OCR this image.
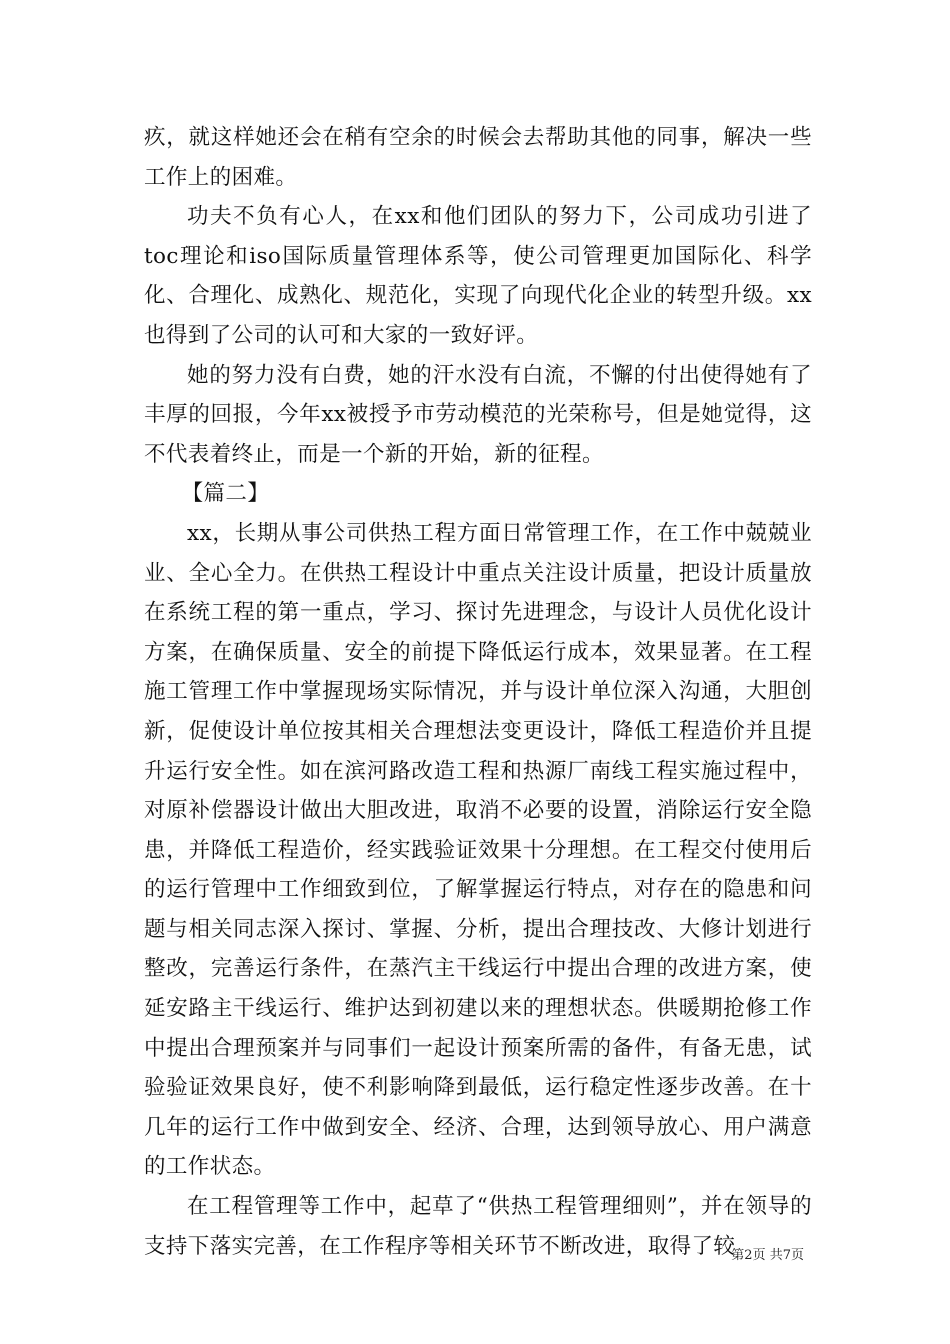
疚，就这样她还会在稍有空余的时候会去帮助其他的同事，解决一些工作上的困难。

功夫不负有心人，在xx和他们团队的努力下，公司成功引进了toc理论和iso国际质量管理体系等，使公司管理更加国际化、科学化、合理化、成熟化、规范化，实现了向现代化企业的转型升级。xx也得到了公司的认可和大家的一致好评。

她的努力没有白费，她的汗水没有白流，不懈的付出使得她有了丰厚的回报，今年xx被授予市劳动模范的光荣称号，但是她觉得，这不代表着终止，而是一个新的开始，新的征程。

【篇二】

xx，长期从事公司供热工程方面日常管理工作，在工作中兢兢业业、全心全力。在供热工程设计中重点关注设计质量，把设计质量放在系统工程的第一重点，学习、探讨先进理念，与设计人员优化设计方案，在确保质量、安全的前提下降低运行成本，效果显著。在工程施工管理工作中掌握现场实际情况，并与设计单位深入沟通，大胆创新，促使设计单位按其相关合理想法变更设计，降低工程造价并且提升运行安全性。如在滨河路改造工程和热源厂南线工程实施过程中，对原补偿器设计做出大胆改进，取消不必要的设置，消除运行安全隐患，并降低工程造价，经实践验证效果十分理想。在工程交付使用后的运行管理中工作细致到位，了解掌握运行特点，对存在的隐患和问题与相关同志深入探讨、掌握、分析，提出合理技改、大修计划进行整改，完善运行条件，在蒸汽主干线运行中提出合理的改进方案，使延安路主干线运行、维护达到初建以来的理想状态。供暖期抢修工作中提出合理预案并与同事们一起设计预案所需的备件，有备无患，试验验证效果良好，使不利影响降到最低，运行稳定性逐步改善。在十几年的运行工作中做到安全、经济、合理，达到领导放心、用户满意的工作状态。

在工程管理等工作中，起草了“供热工程管理细则”，并在领导的支持下落实完善，在工作程序等相关环节不断改进，取得了较

第2页 共7页
